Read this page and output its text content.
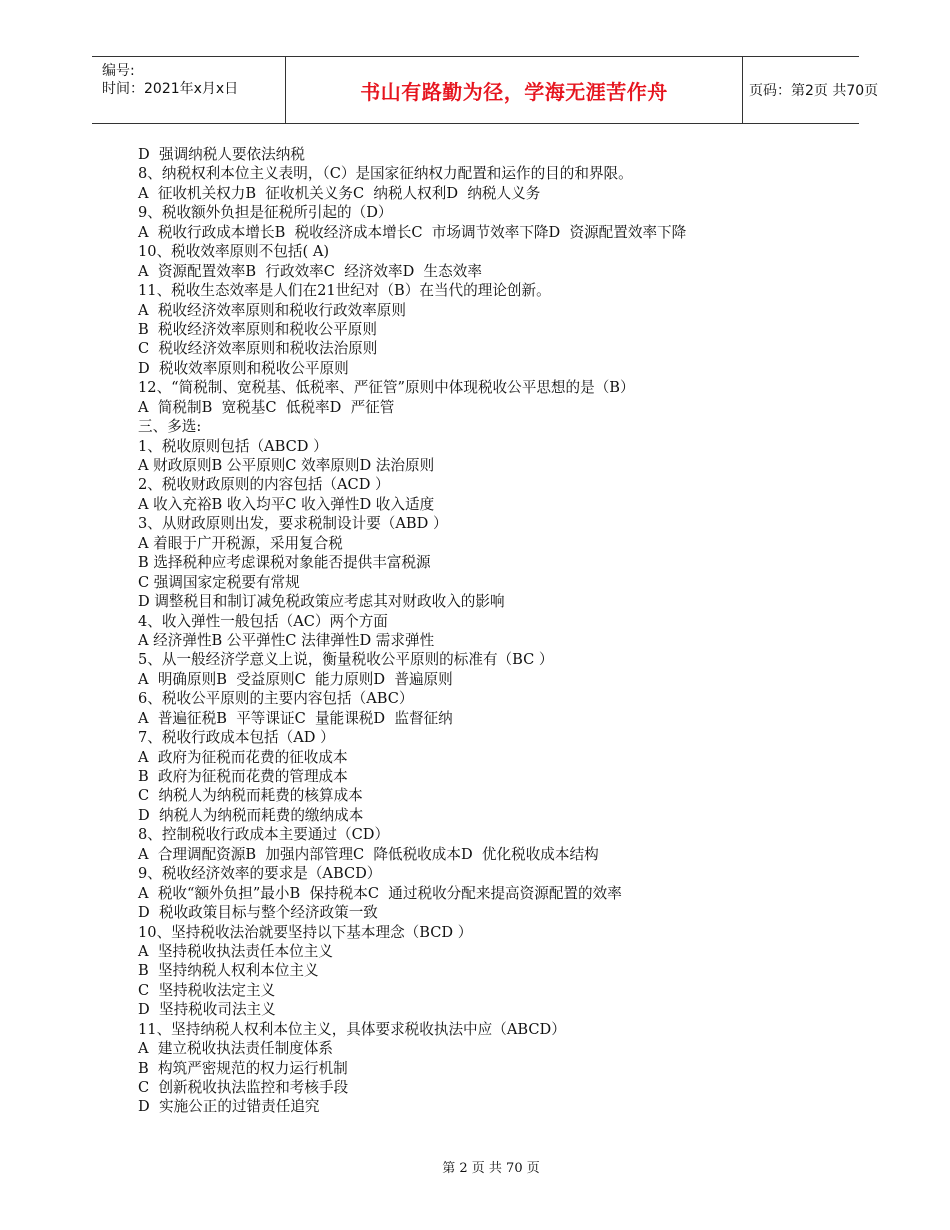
编号:
时间：2021年x月x日	书山有路勤为径，学海无涯苦作舟	页码：第2页 共70页
D  强调纳税人要依法纳税
8、纳税权利本位主义表明，（C）是国家征纳权力配置和运作的目的和界限。
A  征收机关权力B  征收机关义务C  纳税人权利D  纳税人义务
9、税收额外负担是征税所引起的（D）
A  税收行政成本增长B  税收经济成本增长C  市场调节效率下降D  资源配置效率下降
10、税收效率原则不包括( A)
A  资源配置效率B  行政效率C  经济效率D  生态效率
11、税收生态效率是人们在21世纪对（B）在当代的理论创新。
A  税收经济效率原则和税收行政效率原则
B  税收经济效率原则和税收公平原则
C  税收经济效率原则和税收法治原则
D  税收效率原则和税收公平原则
12、“简税制、宽税基、低税率、严征管”原则中体现税收公平思想的是（B）
A  简税制B  宽税基C  低税率D  严征管
三、多选:
1、税收原则包括（ABCD ）
A 财政原则B 公平原则C 效率原则D 法治原则
2、税收财政原则的内容包括（ACD ）
A 收入充裕B 收入均平C 收入弹性D 收入适度
3、从财政原则出发，要求税制设计要（ABD ）
A 着眼于广开税源，采用复合税
B 选择税种应考虑课税对象能否提供丰富税源
C 强调国家定税要有常规
D 调整税目和制订减免税政策应考虑其对财政收入的影响
4、收入弹性一般包括（AC）两个方面
A 经济弹性B 公平弹性C 法律弹性D 需求弹性
5、从一般经济学意义上说，衡量税收公平原则的标准有（BC ）
A  明确原则B  受益原则C  能力原则D  普遍原则
6、税收公平原则的主要内容包括（ABC）
A  普遍征税B  平等课证C  量能课税D  监督征纳
7、税收行政成本包括（AD ）
A  政府为征税而花费的征收成本
B  政府为征税而花费的管理成本
C  纳税人为纳税而耗费的核算成本
D  纳税人为纳税而耗费的缴纳成本
8、控制税收行政成本主要通过（CD）
A  合理调配资源B  加强内部管理C  降低税收成本D  优化税收成本结构
9、税收经济效率的要求是（ABCD）
A  税收“额外负担”最小B  保持税本C  通过税收分配来提高资源配置的效率
D  税收政策目标与整个经济政策一致
10、坚持税收法治就要坚持以下基本理念（BCD ）
A  坚持税收执法责任本位主义
B  坚持纳税人权利本位主义
C  坚持税收法定主义
D  坚持税收司法主义
11、坚持纳税人权利本位主义，具体要求税收执法中应（ABCD）
A  建立税收执法责任制度体系
B  构筑严密规范的权力运行机制
C  创新税收执法监控和考核手段
D  实施公正的过错责任追究
第 2 页 共 70 页
